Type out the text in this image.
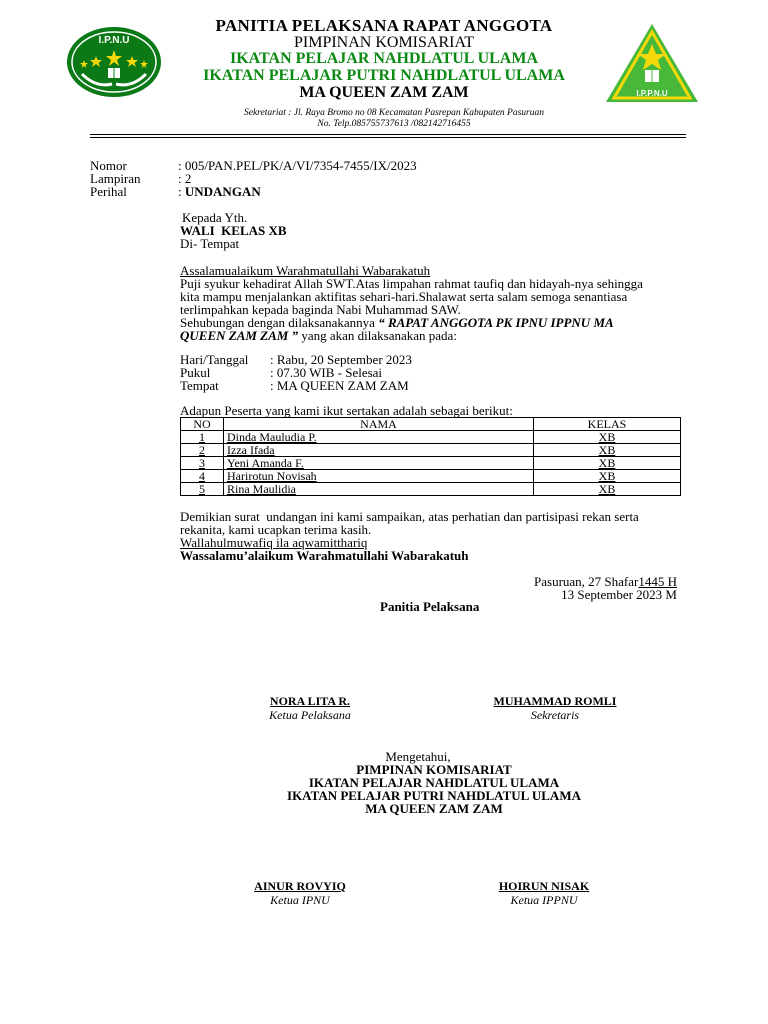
I.P.N.U
I.P.P.N.U
PANITIA PELAKSANA RAPAT ANGGOTA
PIMPINAN KOMISARIAT
IKATAN PELAJAR NAHDLATUL ULAMA
IKATAN PELAJAR PUTRI NAHDLATUL ULAMA
MA QUEEN ZAM ZAM
Sekretariat : Jl. Raya Bromo no 08 Kecamatan Pasrepan Kabupaten Pasuruan
No. Telp.085755737613 /082142716455
Nomor	: 005/PAN.PEL/PK/A/VI/7354-7455/IX/2023
Lampiran	: 2
Perihal	: UNDANGAN
Kepada Yth.
WALI  KELAS XB
Di- Tempat
Assalamualaikum Warahmatullahi Wabarakatuh
Puji syukur kehadirat Allah SWT.Atas limpahan rahmat taufiq dan hidayah-nya sehingga
kita mampu menjalankan aktifitas sehari-hari.Shalawat serta salam semoga senantiasa
terlimpahkan kepada baginda Nabi Muhammad SAW.
Sehubungan dengan dilaksanakannya “ RAPAT ANGGOTA PK IPNU IPPNU MA
QUEEN ZAM ZAM ” yang akan dilaksanakan pada:
Hari/Tanggal : Rabu, 20 September 2023
Pukul	: 07.30 WIB - Selesai
Tempat	: MA QUEEN ZAM ZAM
Adapun Peserta yang kami ikut sertakan adalah sebagai berikut:
NO	NAMA	KELAS
1	Dinda Mauludia P.	XB
2	Izza Ifada	XB
3	Yeni Amanda F.	XB
4	Harirotun Novisah	XB
5	Rina Maulidia	XB
Demikian surat  undangan ini kami sampaikan, atas perhatian dan partisipasi rekan serta
rekanita, kami ucapkan terima kasih.
Wallahulmuwafiq ila aqwamitthariq
Wassalamu’alaikum Warahmatullahi Wabarakatuh
Pasuruan, 27 Shafar1445 H
13 September 2023 M
Panitia Pelaksana
NORA LITA R.
Ketua Pelaksana
MUHAMMAD ROMLI
Sekretaris
Mengetahui,
PIMPINAN KOMISARIAT
IKATAN PELAJAR NAHDLATUL ULAMA
IKATAN PELAJAR PUTRI NAHDLATUL ULAMA
MA QUEEN ZAM ZAM
AINUR ROVYIQ
Ketua IPNU
HOIRUN NISAK
Ketua IPPNU
